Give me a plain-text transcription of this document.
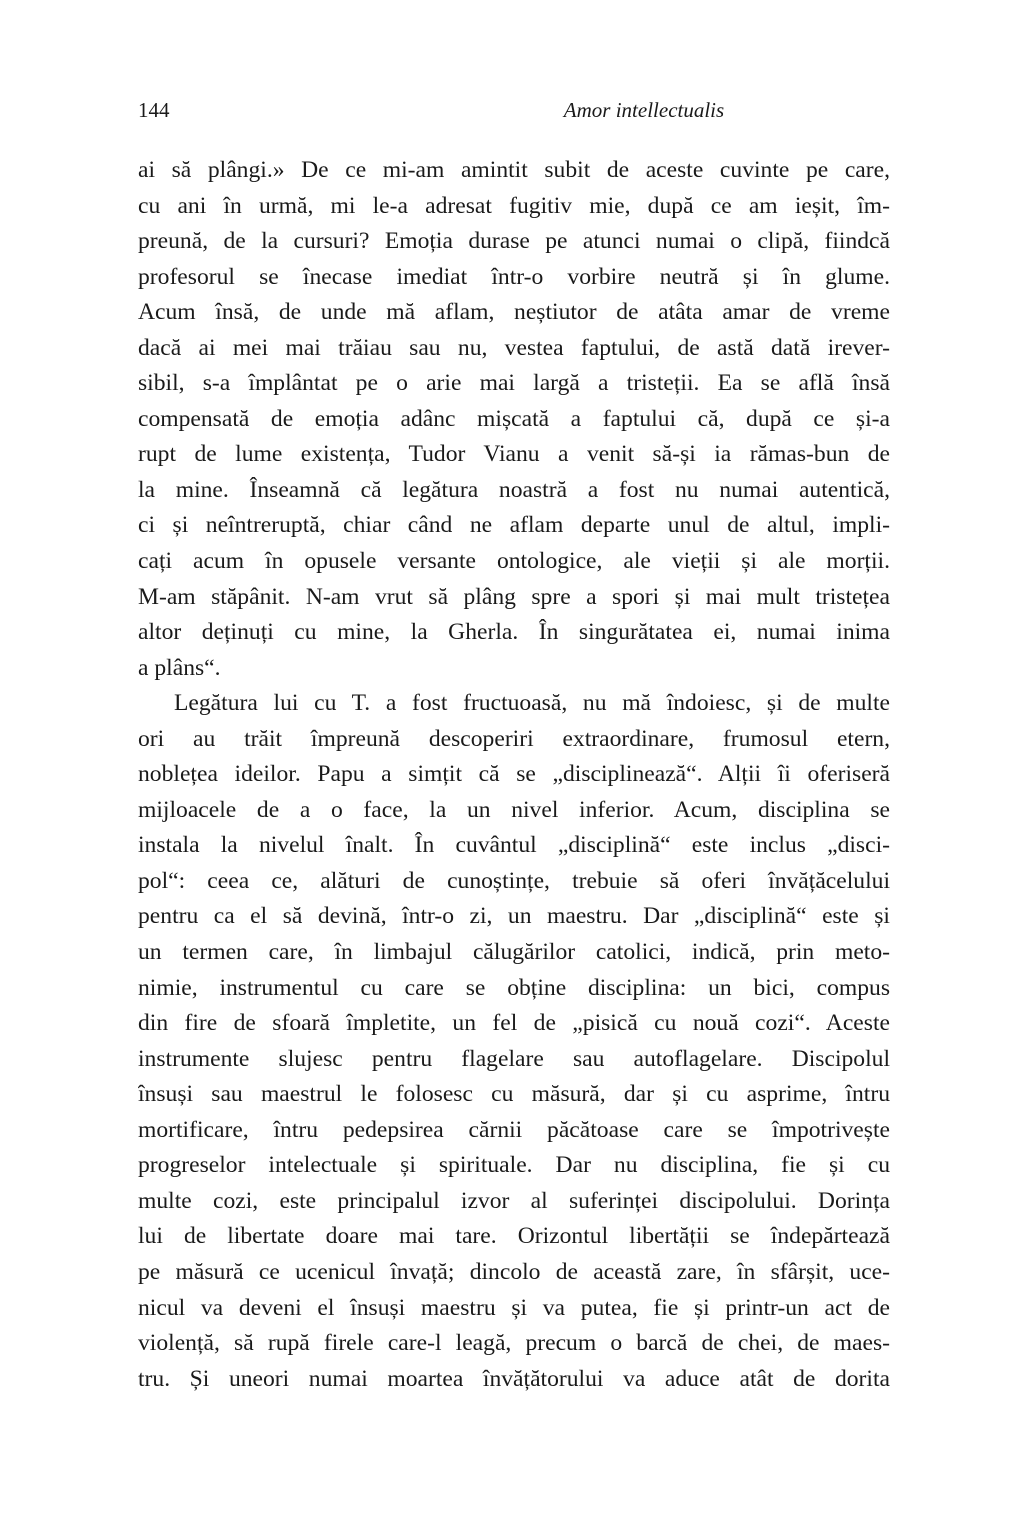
144	Amor intellectualis
ai să plângi.» De ce mi-am amintit subit de aceste cuvinte pe care,
cu ani în urmă, mi le-a adresat fugitiv mie, după ce am ieșit, îm-
preună, de la cursuri? Emoția durase pe atunci numai o clipă, fiindcă
profesorul se înecase imediat într-o vorbire neutră și în glume.
Acum însă, de unde mă aflam, neștiutor de atâta amar de vreme
dacă ai mei mai trăiau sau nu, vestea faptului, de astă dată irever-
sibil, s-a împlântat pe o arie mai largă a tristeții. Ea se află însă
compensată de emoția adânc mișcată a faptului că, după ce și-a
rupt de lume existența, Tudor Vianu a venit să-și ia rămas-bun de
la mine. Înseamnă că legătura noastră a fost nu numai autentică,
ci și neîntreruptă, chiar când ne aflam departe unul de altul, impli-
cați acum în opusele versante ontologice, ale vieții și ale morții.
M-am stăpânit. N-am vrut să plâng spre a spori și mai mult tristețea
altor deținuți cu mine, la Gherla. În singurătatea ei, numai inima
a plâns“.
Legătura lui cu T. a fost fructuoasă, nu mă îndoiesc, și de multe
ori au trăit împreună descoperiri extraordinare, frumosul etern,
noblețea ideilor. Papu a simțit că se „disciplinează“. Alții îi oferiseră
mijloacele de a o face, la un nivel inferior. Acum, disciplina se
instala la nivelul înalt. În cuvântul „disciplină“ este inclus „disci-
pol“: ceea ce, alături de cunoștințe, trebuie să oferi învățăcelului
pentru ca el să devină, într-o zi, un maestru. Dar „disciplină“ este și
un termen care, în limbajul călugărilor catolici, indică, prin meto-
nimie, instrumentul cu care se obține disciplina: un bici, compus
din fire de sfoară împletite, un fel de „pisică cu nouă cozi“. Aceste
instrumente slujesc pentru flagelare sau autoflagelare. Discipolul
însuși sau maestrul le folosesc cu măsură, dar și cu asprime, întru
mortificare, întru pedepsirea cărnii păcătoase care se împotrivește
progreselor intelectuale și spirituale. Dar nu disciplina, fie și cu
multe cozi, este principalul izvor al suferinței discipolului. Dorința
lui de libertate doare mai tare. Orizontul libertății se îndepărtează
pe măsură ce ucenicul învață; dincolo de această zare, în sfârșit, uce-
nicul va deveni el însuși maestru și va putea, fie și printr-un act de
violență, să rupă firele care-l leagă, precum o barcă de chei, de maes-
tru. Și uneori numai moartea învățătorului va aduce atât de dorita
